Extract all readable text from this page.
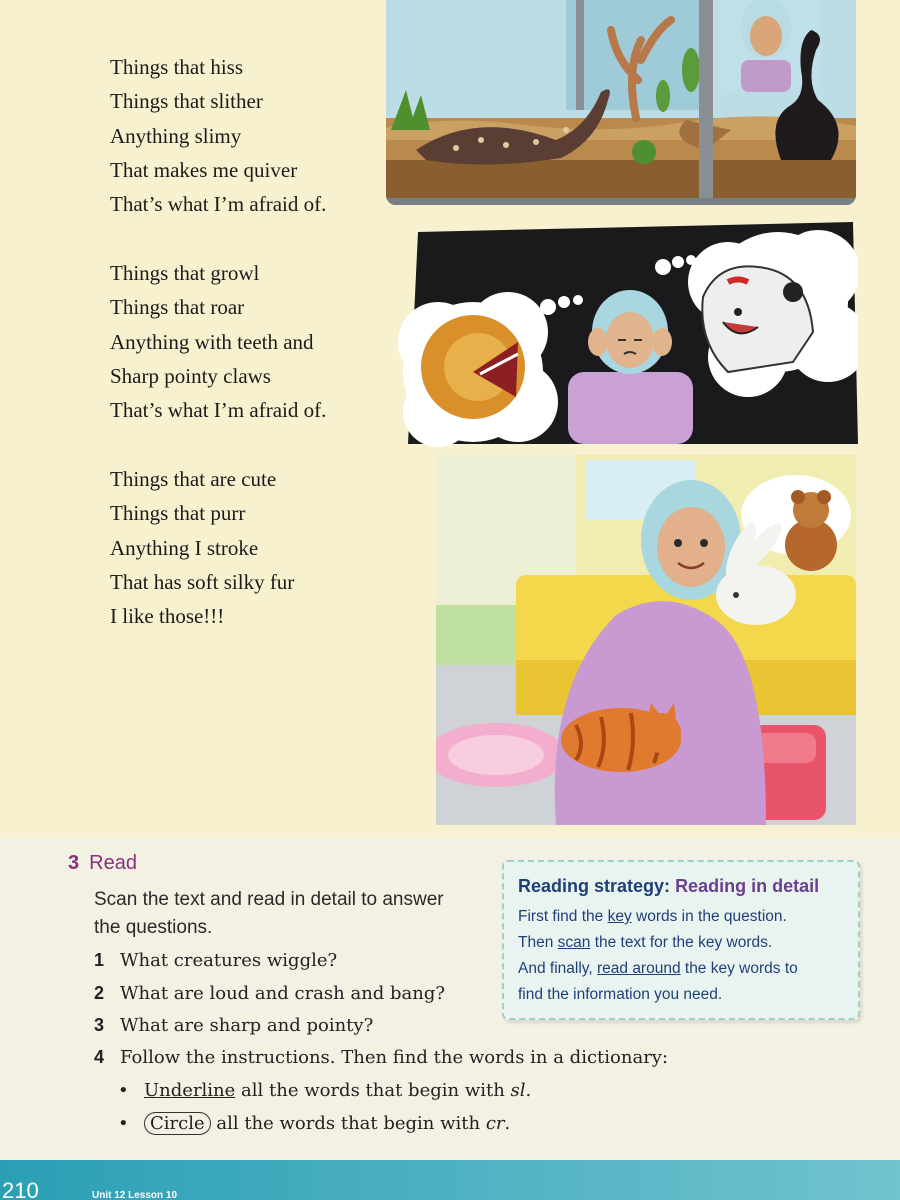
Things that hiss
Things that slither
Anything slimy
That makes me quiver
That’s what I’m afraid of.
Things that growl
Things that roar
Anything with teeth and
Sharp pointy claws
That’s what I’m afraid of.
Things that are cute
Things that purr
Anything I stroke
That has soft silky fur
I like those!!!
3 Read
Scan the text and read in detail to answer the questions.
1 What creatures wiggle?
2 What are loud and crash and bang?
3 What are sharp and pointy?
4 Follow the instructions. Then find the words in a dictionary:
• Underline all the words that begin with sl.
• Circle all the words that begin with cr.
Reading strategy: Reading in detail
First find the key words in the question.
Then scan the text for the key words.
And finally, read around the key words to
find the information you need.
210	Unit 12 Lesson 10
